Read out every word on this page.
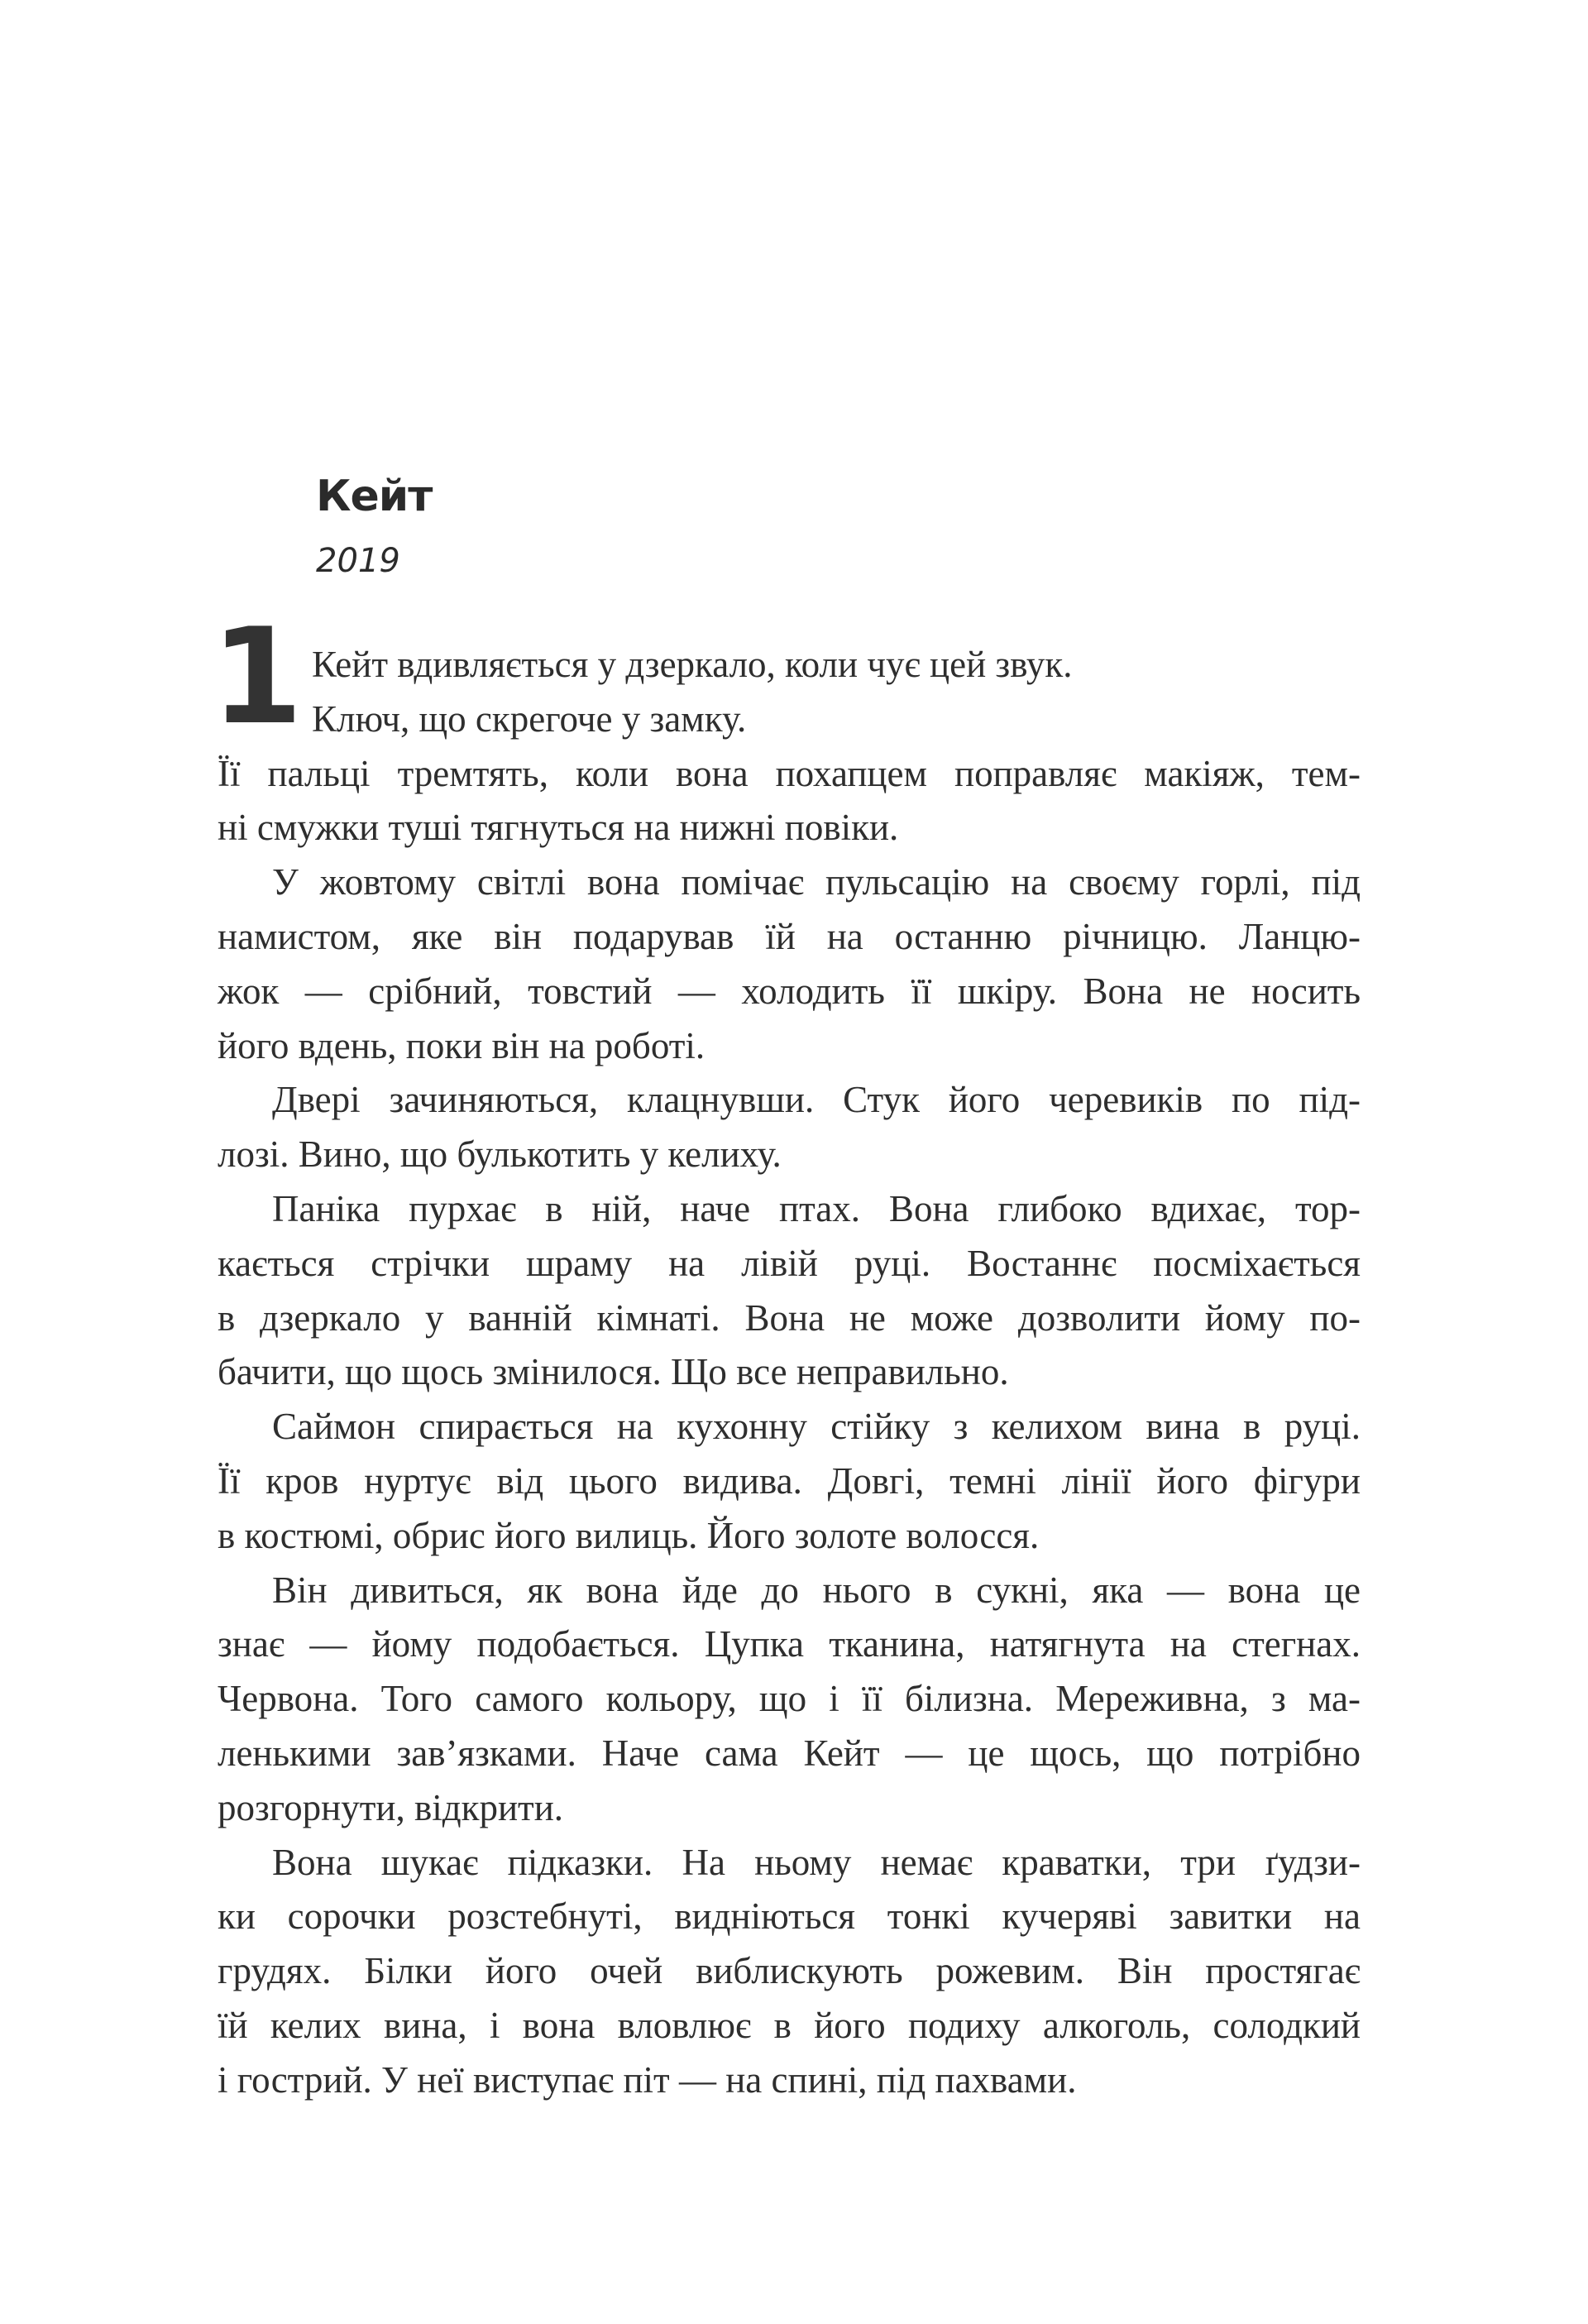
Кейт
2019
1 Кейт вдивляється у дзеркало, коли чує цей звук.
Ключ, що скрегоче у замку.
Її пальці тремтять, коли вона похапцем поправляє макіяж, тем-
ні смужки туші тягнуться на нижні повіки.
У жовтому світлі вона помічає пульсацію на своєму горлі, під
намистом, яке він подарував їй на останню річницю. Ланцю-
жок — срібний, товстий — холодить її шкіру. Вона не носить
його вдень, поки він на роботі.
Двері зачиняються, клацнувши. Стук його черевиків по під-
лозі. Вино, що булькотить у келиху.
Паніка пурхає в ній, наче птах. Вона глибоко вдихає, тор-
кається стрічки шраму на лівій руці. Востаннє посміхається
в дзеркало у ванній кімнаті. Вона не може дозволити йому по-
бачити, що щось змінилося. Що все неправильно.
Саймон спирається на кухонну стійку з келихом вина в руці.
Її кров нуртує від цього видива. Довгі, темні лінії його фігури
в костюмі, обрис його вилиць. Його золоте волосся.
Він дивиться, як вона йде до нього в сукні, яка — вона це
знає — йому подобається. Цупка тканина, натягнута на стегнах.
Червона. Того самого кольору, що і її білизна. Мереживна, з ма-
ленькими зав’язками. Наче сама Кейт — це щось, що потрібно
розгорнути, відкрити.
Вона шукає підказки. На ньому немає краватки, три ґудзи-
ки сорочки розстебнуті, видніються тонкі кучеряві завитки на
грудях. Білки його очей виблискують рожевим. Він простягає
їй келих вина, і вона вловлює в його подиху алкоголь, солодкий
і гострий. У неї виступає піт — на спині, під пахвами.
